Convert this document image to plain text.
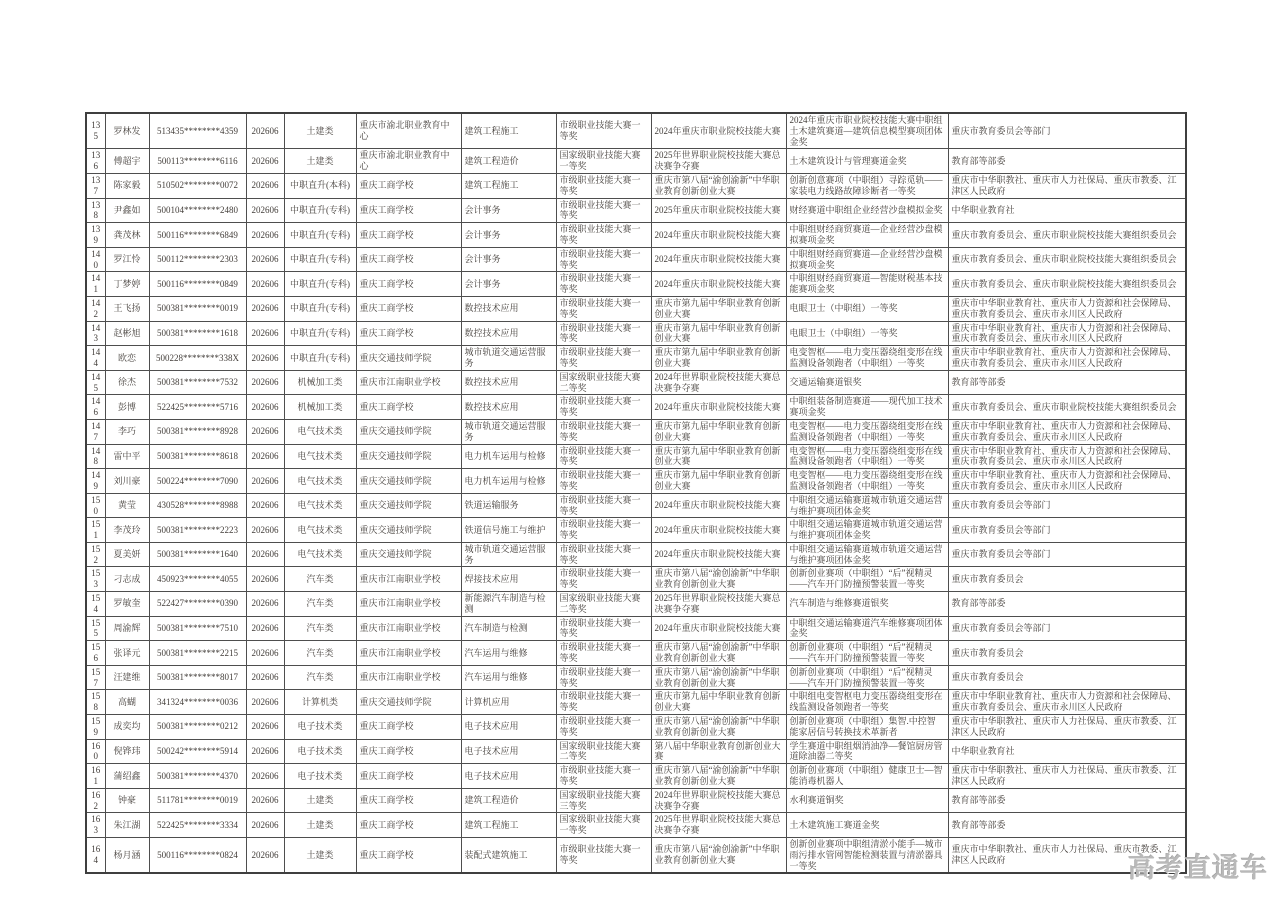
135	罗林发	513435********4359	202606	土建类	重庆市渝北职业教育中心	建筑工程施工	市级职业技能大赛一等奖	2024年重庆市职业院校技能大赛	2024年重庆市职业院校技能大赛中职组土木建筑赛道—建筑信息模型赛项团体金奖	重庆市教育委员会等部门
136	傅超宇	500113********6116	202606	土建类	重庆市渝北职业教育中心	建筑工程造价	国家级职业技能大赛一等奖	2025年世界职业院校技能大赛总决赛争夺赛	土木建筑设计与管理赛道金奖	教育部等部委
137	陈家毅	510502********0072	202606	中职直升(本科)	重庆工商学校	建筑工程施工	市级职业技能大赛一等奖	重庆市第八届“渝创渝新”中华职业教育创新创业大赛	创新创意赛项（中职组）寻踪觅轨——家装电力线路故障诊断者一等奖	重庆市中华职教社、重庆市人力社保局、重庆市教委、江津区人民政府
138	尹鑫如	500104********2480	202606	中职直升(专科)	重庆工商学校	会计事务	市级职业技能大赛一等奖	2025年重庆市职业院校技能大赛	财经赛道中职组企业经营沙盘模拟金奖	中华职业教育社
139	龚茂林	500116********6849	202606	中职直升(专科)	重庆工商学校	会计事务	市级职业技能大赛一等奖	2024年重庆市职业院校技能大赛	中职组财经商贸赛道—企业经营沙盘模拟赛项金奖	重庆市教育委员会、重庆市职业院校技能大赛组织委员会
140	罗江怜	500112********2303	202606	中职直升(专科)	重庆工商学校	会计事务	市级职业技能大赛一等奖	2024年重庆市职业院校技能大赛	中职组财经商贸赛道—企业经营沙盘模拟赛项金奖	重庆市教育委员会、重庆市职业院校技能大赛组织委员会
141	丁梦婷	500116********0849	202606	中职直升(专科)	重庆工商学校	会计事务	市级职业技能大赛一等奖	2024年重庆市职业院校技能大赛	中职组财经商贸赛道—智能财税基本技能赛项金奖	重庆市教育委员会、重庆市职业院校技能大赛组织委员会
142	王飞扬	500381********0019	202606	中职直升(专科)	重庆工商学校	数控技术应用	市级职业技能大赛一等奖	重庆市第九届中华职业教育创新创业大赛	电眼卫士（中职组）一等奖	重庆市中华职业教育社、重庆市人力资源和社会保障局、重庆市教育委员会、重庆市永川区人民政府
143	赵彬旭	500381********1618	202606	中职直升(专科)	重庆工商学校	数控技术应用	市级职业技能大赛一等奖	重庆市第九届中华职业教育创新创业大赛	电眼卫士（中职组）一等奖	重庆市中华职业教育社、重庆市人力资源和社会保障局、重庆市教育委员会、重庆市永川区人民政府
144	欧恋	500228********338X	202606	中职直升(专科)	重庆交通技师学院	城市轨道交通运营服务	市级职业技能大赛一等奖	重庆市第九届中华职业教育创新创业大赛	电变智枢——电力变压器绕组变形在线监测设备领跑者（中职组）一等奖	重庆市中华职业教育社、重庆市人力资源和社会保障局、重庆市教育委员会、重庆市永川区人民政府
145	徐杰	500381********7532	202606	机械加工类	重庆市江南职业学校	数控技术应用	国家级职业技能大赛二等奖	2024年世界职业院校技能大赛总决赛争夺赛	交通运输赛道银奖	教育部等部委
146	彭博	522425********5716	202606	机械加工类	重庆工商学校	数控技术应用	市级职业技能大赛一等奖	2024年重庆市职业院校技能大赛	中职组装备制造赛道——现代加工技术赛项金奖	重庆市教育委员会、重庆市职业院校技能大赛组织委员会
147	李巧	500381********8928	202606	电气技术类	重庆交通技师学院	城市轨道交通运营服务	市级职业技能大赛一等奖	重庆市第九届中华职业教育创新创业大赛	电变智枢——电力变压器绕组变形在线监测设备领跑者（中职组）一等奖	重庆市中华职业教育社、重庆市人力资源和社会保障局、重庆市教育委员会、重庆市永川区人民政府
148	雷中平	500381********8618	202606	电气技术类	重庆交通技师学院	电力机车运用与检修	市级职业技能大赛一等奖	重庆市第九届中华职业教育创新创业大赛	电变智枢——电力变压器绕组变形在线监测设备领跑者（中职组）一等奖	重庆市中华职业教育社、重庆市人力资源和社会保障局、重庆市教育委员会、重庆市永川区人民政府
149	刘川豪	500224********7090	202606	电气技术类	重庆交通技师学院	电力机车运用与检修	市级职业技能大赛一等奖	重庆市第九届中华职业教育创新创业大赛	电变智枢——电力变压器绕组变形在线监测设备领跑者（中职组）一等奖	重庆市中华职业教育社、重庆市人力资源和社会保障局、重庆市教育委员会、重庆市永川区人民政府
150	黄莹	430528********8988	202606	电气技术类	重庆交通技师学院	铁道运输服务	市级职业技能大赛一等奖	2024年重庆市职业院校技能大赛	中职组交通运输赛道城市轨道交通运营与维护赛项团体金奖	重庆市教育委员会等部门
151	李茂玲	500381********2223	202606	电气技术类	重庆交通技师学院	铁道信号施工与维护	市级职业技能大赛一等奖	2024年重庆市职业院校技能大赛	中职组交通运输赛道城市轨道交通运营与维护赛项团体金奖	重庆市教育委员会等部门
152	夏美妍	500381********1640	202606	电气技术类	重庆交通技师学院	城市轨道交通运营服务	市级职业技能大赛一等奖	2024年重庆市职业院校技能大赛	中职组交通运输赛道城市轨道交通运营与维护赛项团体金奖	重庆市教育委员会等部门
153	刁志成	450923********4055	202606	汽车类	重庆市江南职业学校	焊接技术应用	市级职业技能大赛一等奖	重庆市第八届“渝创渝新”中华职业教育创新创业大赛	创新创业赛项（中职组）“后”视精灵——汽车开门防撞预警装置一等奖	重庆市教育委员会
154	罗敏奎	522427********0390	202606	汽车类	重庆市江南职业学校	新能源汽车制造与检测	国家级职业技能大赛二等奖	2025年世界职业院校技能大赛总决赛争夺赛	汽车制造与维修赛道银奖	教育部等部委
155	周渝辉	500381********7510	202606	汽车类	重庆市江南职业学校	汽车制造与检测	市级职业技能大赛一等奖	2024年重庆市职业院校技能大赛	中职组交通运输赛道汽车维修赛项团体金奖	重庆市教育委员会等部门
156	张译元	500381********2215	202606	汽车类	重庆市江南职业学校	汽车运用与维修	市级职业技能大赛一等奖	重庆市第八届“渝创渝新”中华职业教育创新创业大赛	创新创业赛项（中职组）“后”视精灵——汽车开门防撞预警装置一等奖	重庆市教育委员会
157	汪建维	500381********8017	202606	汽车类	重庆市江南职业学校	汽车运用与维修	市级职业技能大赛一等奖	重庆市第八届“渝创渝新”中华职业教育创新创业大赛	创新创业赛项（中职组）“后”视精灵——汽车开门防撞预警装置一等奖	重庆市教育委员会
158	高蝴	341324********0036	202606	计算机类	重庆交通技师学院	计算机应用	市级职业技能大赛一等奖	重庆市第九届中华职业教育创新创业大赛	中职组电变智枢电力变压器绕组变形在线监测设备领跑者一等奖	重庆市中华职业教育社、重庆市人力资源和社会保障局、重庆市教育委员会、重庆市永川区人民政府
159	成奕均	500381********0212	202606	电子技术类	重庆工商学校	电子技术应用	市级职业技能大赛一等奖	重庆市第八届“渝创渝新”中华职业教育创新创业大赛	创新创业赛项（中职组）集智.中控智能家居信号转换技术革新者	重庆市中华职教社、重庆市人力社保局、重庆市教委、江津区人民政府
160	倪铧玮	500242********5914	202606	电子技术类	重庆工商学校	电子技术应用	国家级职业技能大赛二等奖	第八届中华职业教育创新创业大赛	学生赛道中职组烟消油净—餐馆厨房管道除油器二等奖	中华职业教育社
161	蒲绍鑫	500381********4370	202606	电子技术类	重庆工商学校	电子技术应用	市级职业技能大赛一等奖	重庆市第八届“渝创渝新”中华职业教育创新创业大赛	创新创业赛项（中职组）健康卫士—智能消毒机器人	重庆市中华职教社、重庆市人力社保局、重庆市教委、江津区人民政府
162	钟豪	511781********0019	202606	土建类	重庆工商学校	建筑工程造价	国家级职业技能大赛三等奖	2024年世界职业院校技能大赛总决赛争夺赛	水利赛道铜奖	教育部等部委
163	朱江湖	522425********3334	202606	土建类	重庆工商学校	建筑工程施工	国家级职业技能大赛一等奖	2025年世界职业院校技能大赛总决赛争夺赛	土木建筑施工赛道金奖	教育部等部委
164	杨月涵	500116********0824	202606	土建类	重庆工商学校	装配式建筑施工	市级职业技能大赛一等奖	重庆市第八届“渝创渝新”中华职业教育创新创业大赛	创新创业赛项中职组清淤小能手—城市雨污排水管网智能检测装置与清淤器具一等奖	重庆市中华职教社、重庆市人力社保局、重庆市教委、江津区人民政府	高考直通车
